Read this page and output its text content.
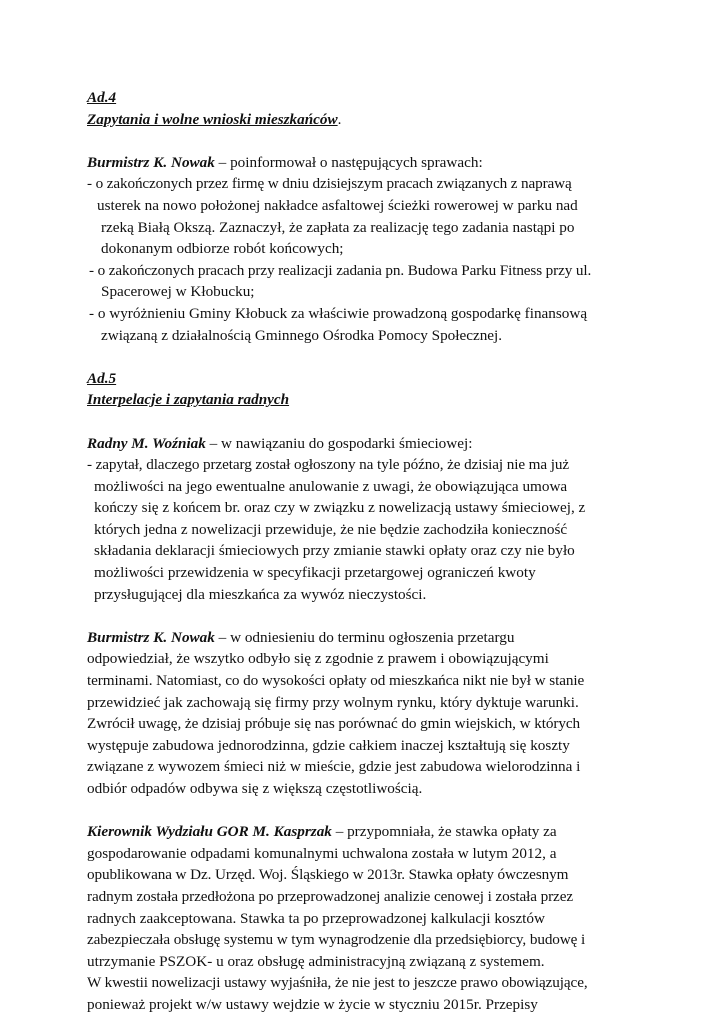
Ad.4
Zapytania i wolne wnioski mieszkańców.
Burmistrz K. Nowak – poinformował o następujących sprawach:
- o zakończonych przez firmę w dniu dzisiejszym pracach związanych z naprawą
usterek na nowo położonej nakładce asfaltowej ścieżki rowerowej w parku nad
rzeką Białą Okszą. Zaznaczył, że zapłata za realizację tego zadania nastąpi po
dokonanym odbiorze robót końcowych;
- o zakończonych pracach przy realizacji zadania pn. Budowa Parku Fitness przy ul.
Spacerowej w Kłobucku;
- o wyróżnieniu Gminy Kłobuck za właściwie prowadzoną gospodarkę finansową
związaną z działalnością Gminnego Ośrodka Pomocy Społecznej.
Ad.5
Interpelacje i zapytania radnych
Radny M. Woźniak – w nawiązaniu do gospodarki śmieciowej:
- zapytał, dlaczego przetarg został ogłoszony na tyle późno, że dzisiaj nie ma już
możliwości na jego ewentualne anulowanie z uwagi, że obowiązująca umowa
kończy się z końcem br. oraz czy w związku z nowelizacją ustawy śmieciowej, z
których jedna z nowelizacji przewiduje, że nie będzie zachodziła konieczność
składania deklaracji śmieciowych przy zmianie stawki opłaty oraz czy nie było
możliwości przewidzenia w specyfikacji przetargowej ograniczeń kwoty
przysługującej dla mieszkańca za wywóz nieczystości.
Burmistrz K. Nowak – w odniesieniu do terminu ogłoszenia przetargu
odpowiedział, że wszytko odbyło się z zgodnie z prawem i obowiązującymi
terminami. Natomiast, co do wysokości opłaty od mieszkańca nikt nie był w stanie
przewidzieć jak zachowają się firmy przy wolnym rynku, który dyktuje warunki.
Zwrócił uwagę, że dzisiaj próbuje się nas porównać do gmin wiejskich, w których
występuje zabudowa jednorodzinna, gdzie całkiem inaczej kształtują się koszty
związane z wywozem śmieci niż w mieście, gdzie jest zabudowa wielorodzinna i
odbiór odpadów odbywa się z większą częstotliwością.
Kierownik Wydziału GOR M. Kasprzak – przypomniała, że stawka opłaty za
gospodarowanie odpadami komunalnymi uchwalona została w lutym 2012, a
opublikowana w Dz. Urzęd. Woj. Śląskiego w 2013r. Stawka opłaty ówczesnym
radnym została przedłożona po przeprowadzonej analizie cenowej i została przez
radnych zaakceptowana. Stawka ta po przeprowadzonej kalkulacji kosztów
zabezpieczała obsługę systemu w tym wynagrodzenie dla przedsiębiorcy, budowę i
utrzymanie PSZOK- u oraz obsługę administracyjną związaną z systemem.
W kwestii nowelizacji ustawy wyjaśniła, że nie jest to jeszcze prawo obowiązujące,
ponieważ projekt w/w ustawy wejdzie w życie w styczniu 2015r. Przepisy
